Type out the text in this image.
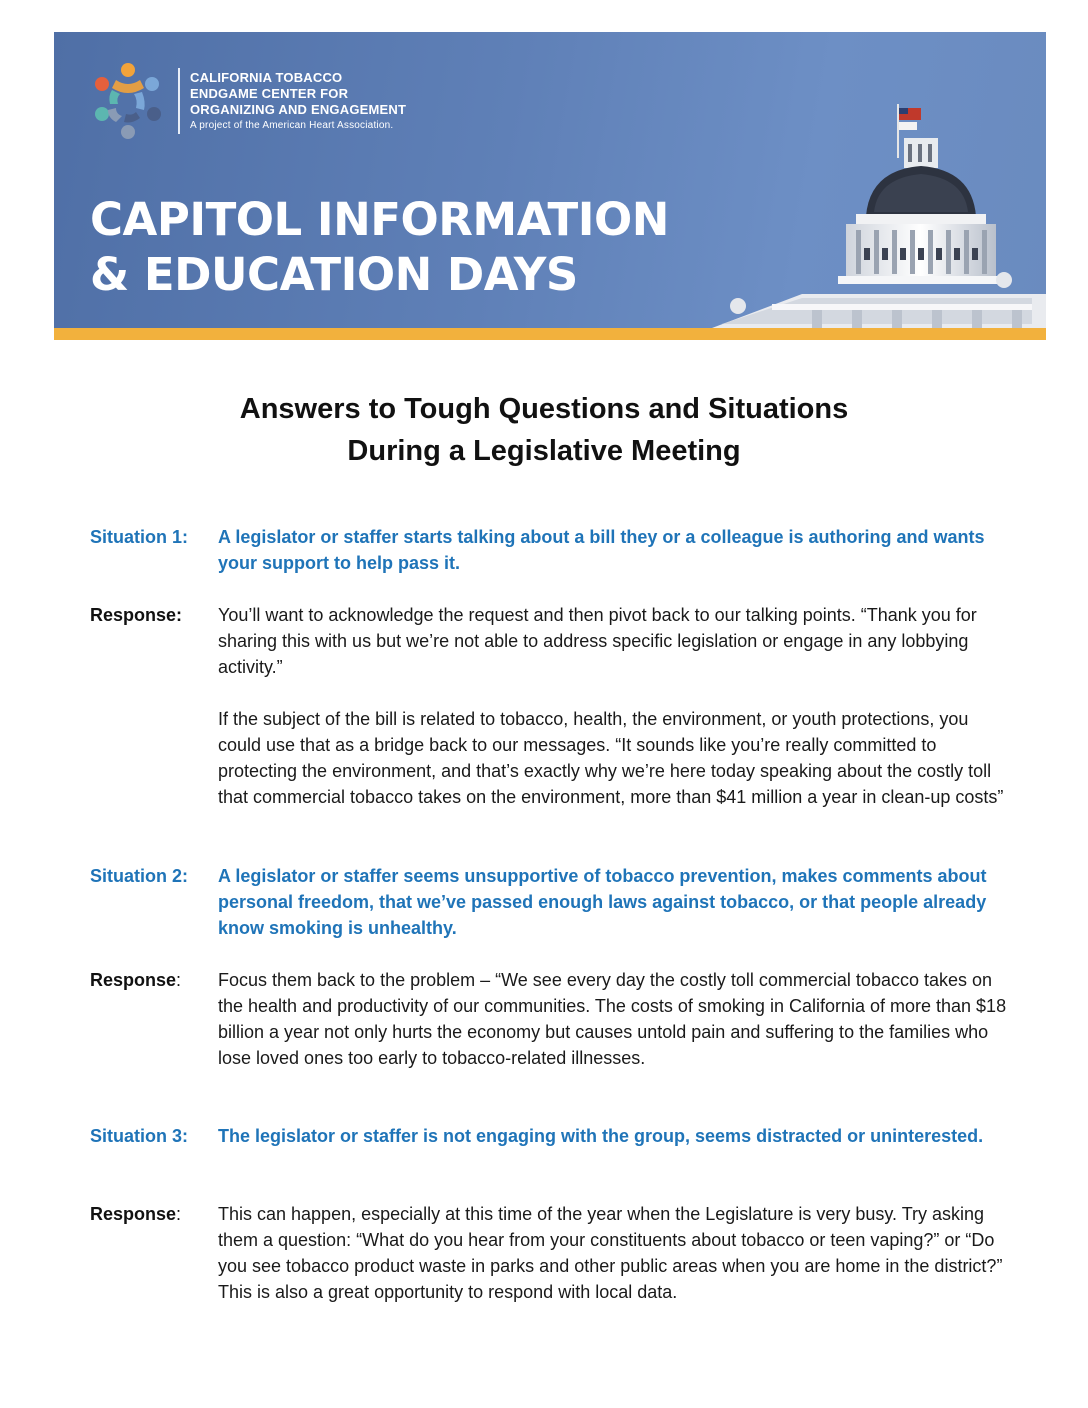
CALIFORNIA TOBACCO
ENDGAME CENTER FOR
ORGANIZING AND ENGAGEMENT
A project of the American Heart Association.
CAPITOL INFORMATION
& EDUCATION DAYS
Answers to Tough Questions and Situations
During a Legislative Meeting
Situation 1:	A legislator or staffer starts talking about a bill they or a colleague is authoring and wants your support to help pass it.

Response:	You’ll want to acknowledge the request and then pivot back to our talking points. “Thank you for sharing this with us but we’re not able to address specific legislation or engage in any lobbying activity.”

If the subject of the bill is related to tobacco, health, the environment, or youth protections, you could use that as a bridge back to our messages. “It sounds like you’re really committed to protecting the environment, and that’s exactly why we’re here today speaking about the costly toll that commercial tobacco takes on the environment, more than $41 million a year in clean-up costs”

Situation 2:	A legislator or staffer seems unsupportive of tobacco prevention, makes comments about personal freedom, that we’ve passed enough laws against tobacco, or that people already know smoking is unhealthy.

Response:	Focus them back to the problem – “We see every day the costly toll commercial tobacco takes on the health and productivity of our communities. The costs of smoking in California of more than $18 billion a year not only hurts the economy but causes untold pain and suffering to the families who lose loved ones too early to tobacco-related illnesses.

Situation 3:	The legislator or staffer is not engaging with the group, seems distracted or uninterested.

Response:	This can happen, especially at this time of the year when the Legislature is very busy. Try asking them a question: “What do you hear from your constituents about tobacco or teen vaping?” or “Do you see tobacco product waste in parks and other public areas when you are home in the district?” This is also a great opportunity to respond with local data.
